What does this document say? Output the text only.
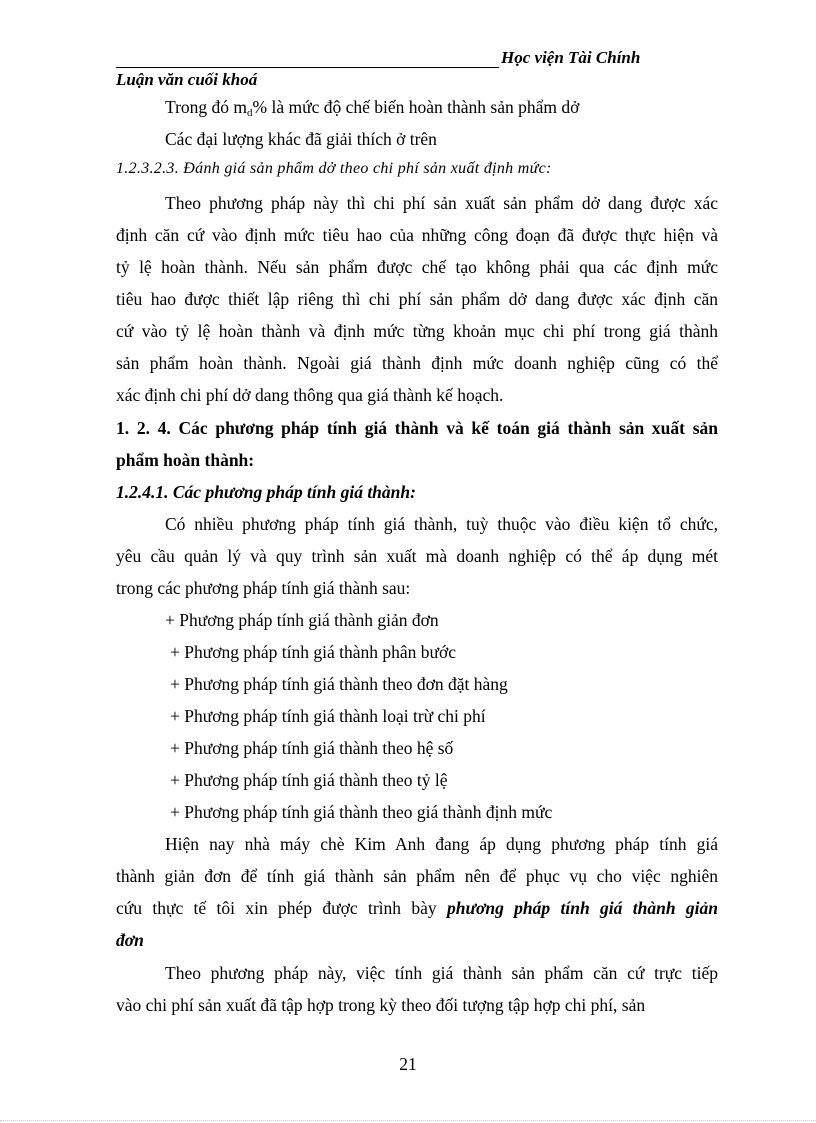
Học viện Tài Chính
Luận văn cuối khoá
Trong đó $m_d\%$ là mức độ chế biến hoàn thành sản phẩm dở
Các đại lượng khác đã giải thích ở trên
1.2.3.2.3. Đánh giá sản phẩm dở theo chi phí sản xuất định mức:
Theo phương pháp này thì chi phí sản xuất sản phẩm dở dang được xác
định căn cứ vào định mức tiêu hao của những công đoạn đã được thực hiện và
tỷ lệ hoàn thành. Nếu sản phẩm được chế tạo không phải qua các định mức
tiêu hao được thiết lập riêng thì chi phí sản phẩm dở dang được xác định căn
cứ vào tỷ lệ hoàn thành và định mức từng khoản mục chi phí trong giá thành
sản phẩm hoàn thành. Ngoài giá thành định mức doanh nghiệp cũng có thể
xác định chi phí dở dang thông qua giá thành kế hoạch.
1. 2. 4. Các phương pháp tính giá thành và kế toán giá thành sản xuất sản
phẩm hoàn thành:
1.2.4.1. Các phương pháp tính giá thành:
Có nhiều phương pháp tính giá thành, tuỳ thuộc vào điều kiện tổ chức,
yêu cầu quản lý và quy trình sản xuất mà doanh nghiệp có thể áp dụng mét
trong các phương pháp tính giá thành sau:
+ Phương pháp tính giá thành giản đơn
+ Phương pháp tính giá thành phân bước
+ Phương pháp tính giá thành theo đơn đặt hàng
+ Phương pháp tính giá thành loại trừ chi phí
+ Phương pháp tính giá thành theo hệ số
+ Phương pháp tính giá thành theo tỷ lệ
+ Phương pháp tính giá thành theo giá thành định mức
Hiện nay nhà máy chè Kim Anh đang áp dụng phương pháp tính giá
thành giản đơn để tính giá thành sản phẩm nên để phục vụ cho việc nghiên
cứu thực tế tôi xin phép được trình bày phương pháp tính giá thành giản
đơn
Theo phương pháp này, việc tính giá thành sản phẩm căn cứ trực tiếp
vào chi phí sản xuất đã tập hợp trong kỳ theo đối tượng tập hợp chi phí, sản
21
